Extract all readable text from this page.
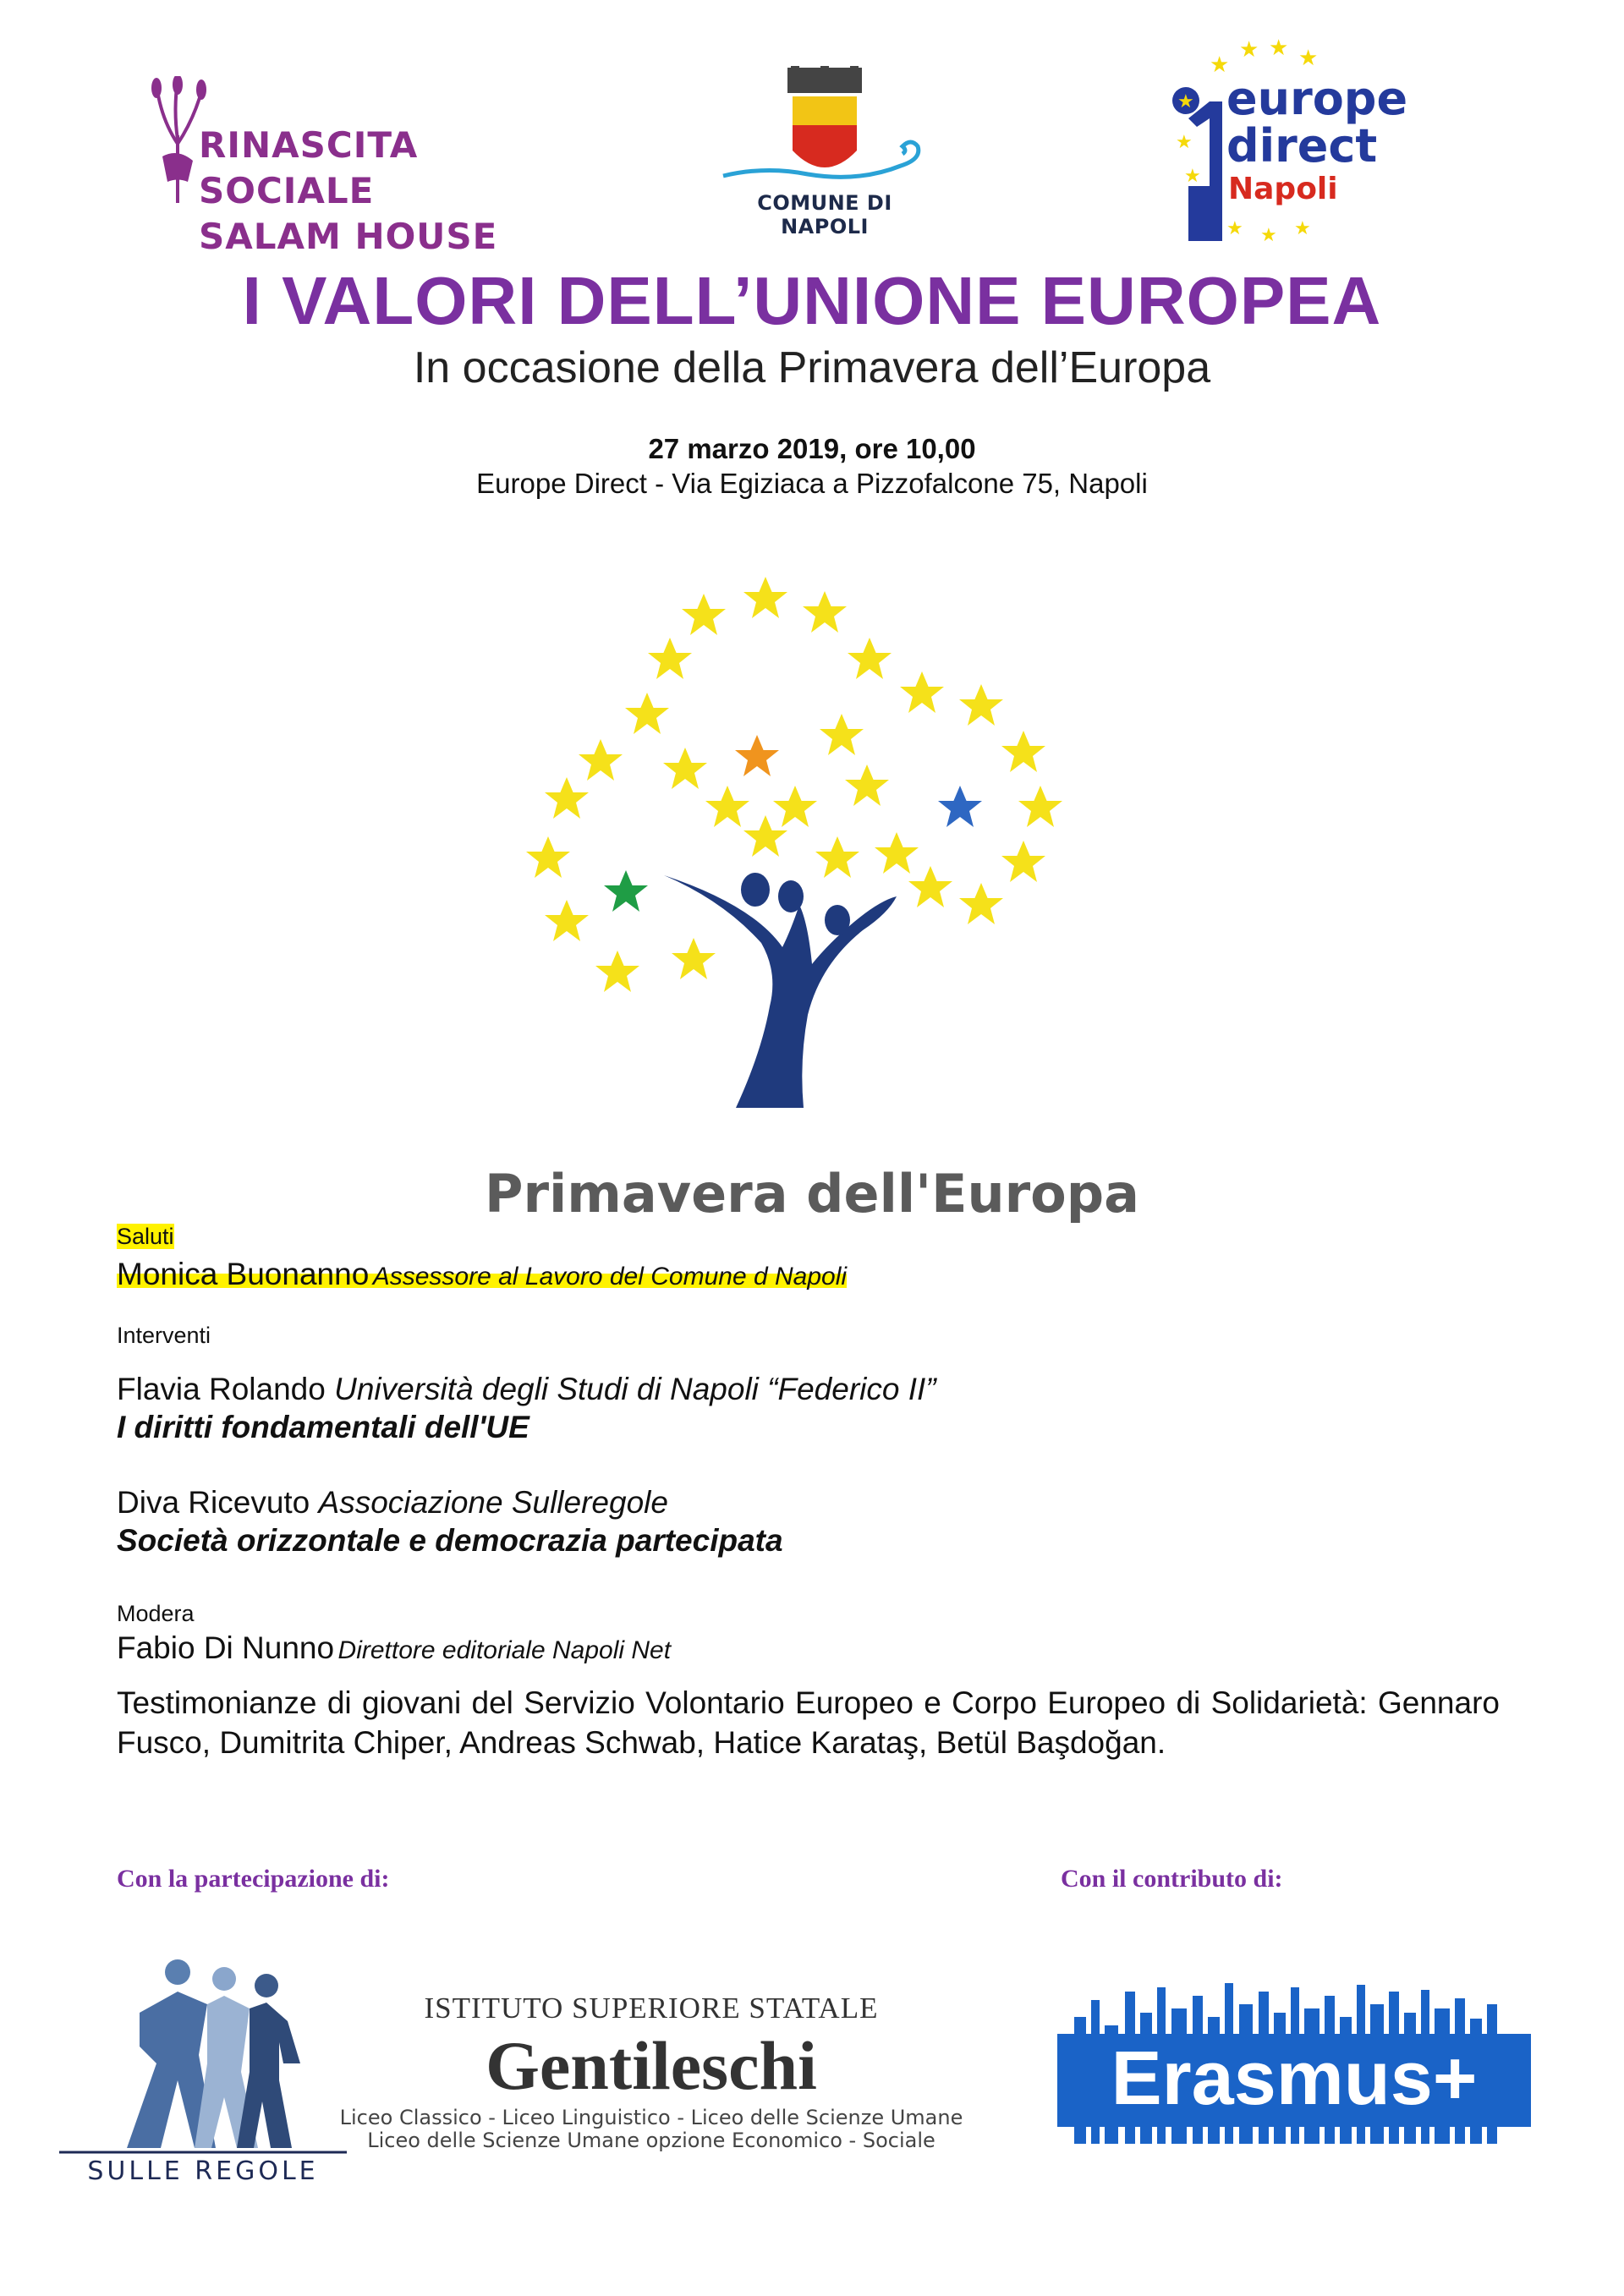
RINASCITA SOCIALE
SALAM HOUSE
COMUNE DI NAPOLI
★
★ ★ ★
★
★
★ ★ ★
★ europe
direct
Napoli
I VALORI DELL’UNIONE EUROPEA
In occasione della Primavera dell’Europa
27 marzo 2019, ore 10,00
Europe Direct - Via Egiziaca a Pizzofalcone 75, Napoli
Primavera dell'Europa
Saluti
Monica Buonanno Assessore al Lavoro del Comune d Napoli
Interventi
Flavia Rolando Università degli Studi di Napoli “Federico II”
I diritti fondamentali dell'UE
Diva Ricevuto Associazione Sulleregole
Società orizzontale e democrazia partecipata
Modera
Fabio Di Nunno Direttore editoriale Napoli Net
Testimonianze di giovani del Servizio Volontario Europeo e Corpo Europeo di Solidarietà: Gennaro Fusco, Dumitrita Chiper, Andreas Schwab, Hatice Karataş, Betül Başdoğan.
Con la partecipazione di:	Con il contributo di:
SULLE REGOLE
ISTITUTO SUPERIORE STATALE
Gentileschi
Liceo Classico - Liceo Linguistico - Liceo delle Scienze Umane
Liceo delle Scienze Umane opzione Economico - Sociale
Erasmus+
